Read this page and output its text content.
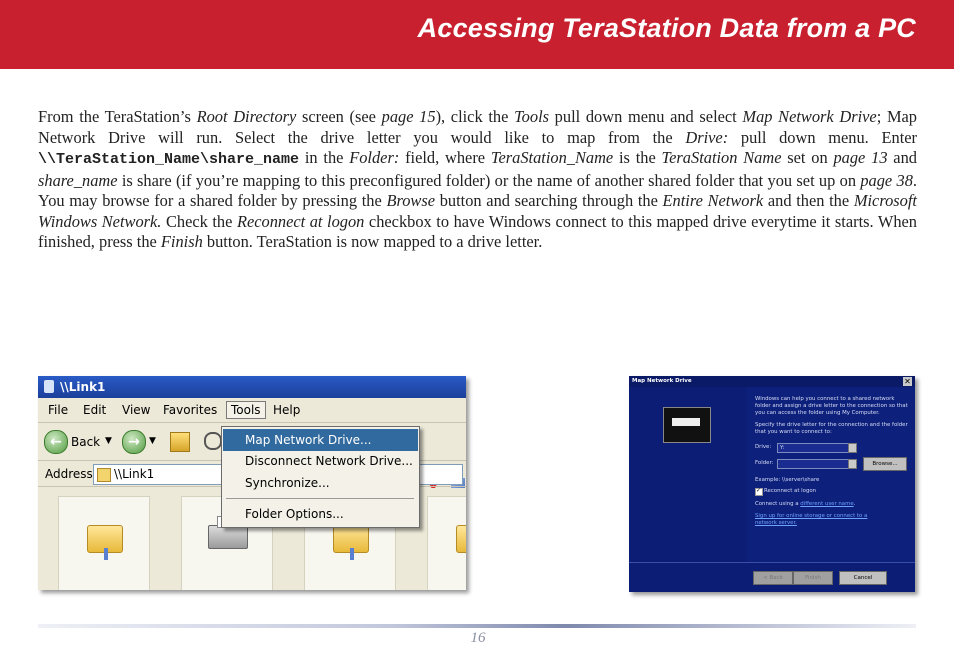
Accessing TeraStation Data from a PC
From the TeraStation’s Root Directory screen (see page 15), click the Tools pull down menu and select Map Network Drive; Map Network Drive will run. Select the drive letter you would like to map from the Drive: pull down menu. Enter \\TeraStation_Name\share_name in the Folder: field, where TeraStation_Name is the TeraStation Name set on page 13 and share_name is share (if you’re mapping to this preconfigured folder) or the name of another shared folder that you set up on page 38. You may browse for a shared folder by pressing the Browse button and searching through the Entire Network and then the Microsoft Windows Network. Check the Reconnect at logon checkbox to have Windows connect to this mapped drive everytime it starts. When finished, press the Finish button. TeraStation is now mapped to a drive letter.
\\Link1
File Edit View Favorites	Tools	Help
← Back ▼	→	▼
Address \\Link1
Map Network Drive...
Disconnect Network Drive...
Synchronize...
Folder Options...
Map Network Drive	✕
Windows can help you connect to a shared network
folder and assign a drive letter to the connection so that
you can access the folder using My Computer.
Specify the drive letter for the connection and the folder
that you want to connect to:
Drive: Y:
Folder:	Browse...
Example: \\server\share
✓ Reconnect at logon
Connect using a different user name.
Sign up for online storage or connect to a
network server.
< Back	Finish	Cancel
16
